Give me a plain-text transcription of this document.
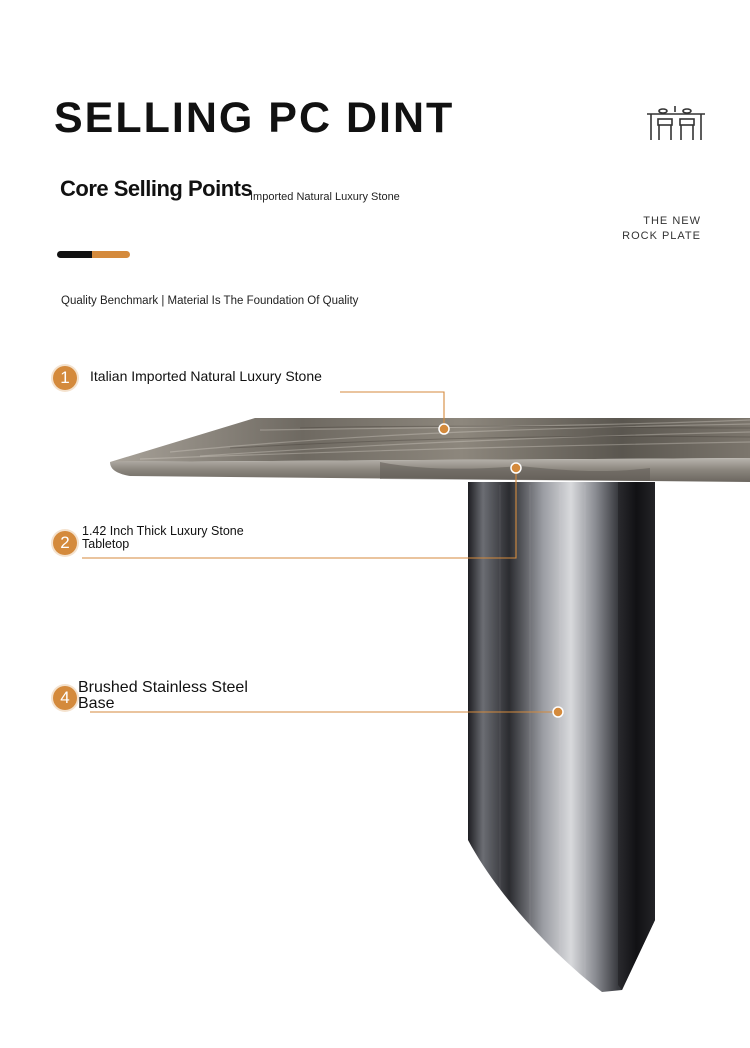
SELLING PC DINT
Core Selling Points
Imported Natural Luxury Stone
THE NEW
ROCK PLATE
Quality Benchmark | Material Is The Foundation Of Quality
1	Italian Imported Natural Luxury Stone
2
1.42 Inch Thick Luxury Stone Tabletop
4
Brushed Stainless Steel Base
